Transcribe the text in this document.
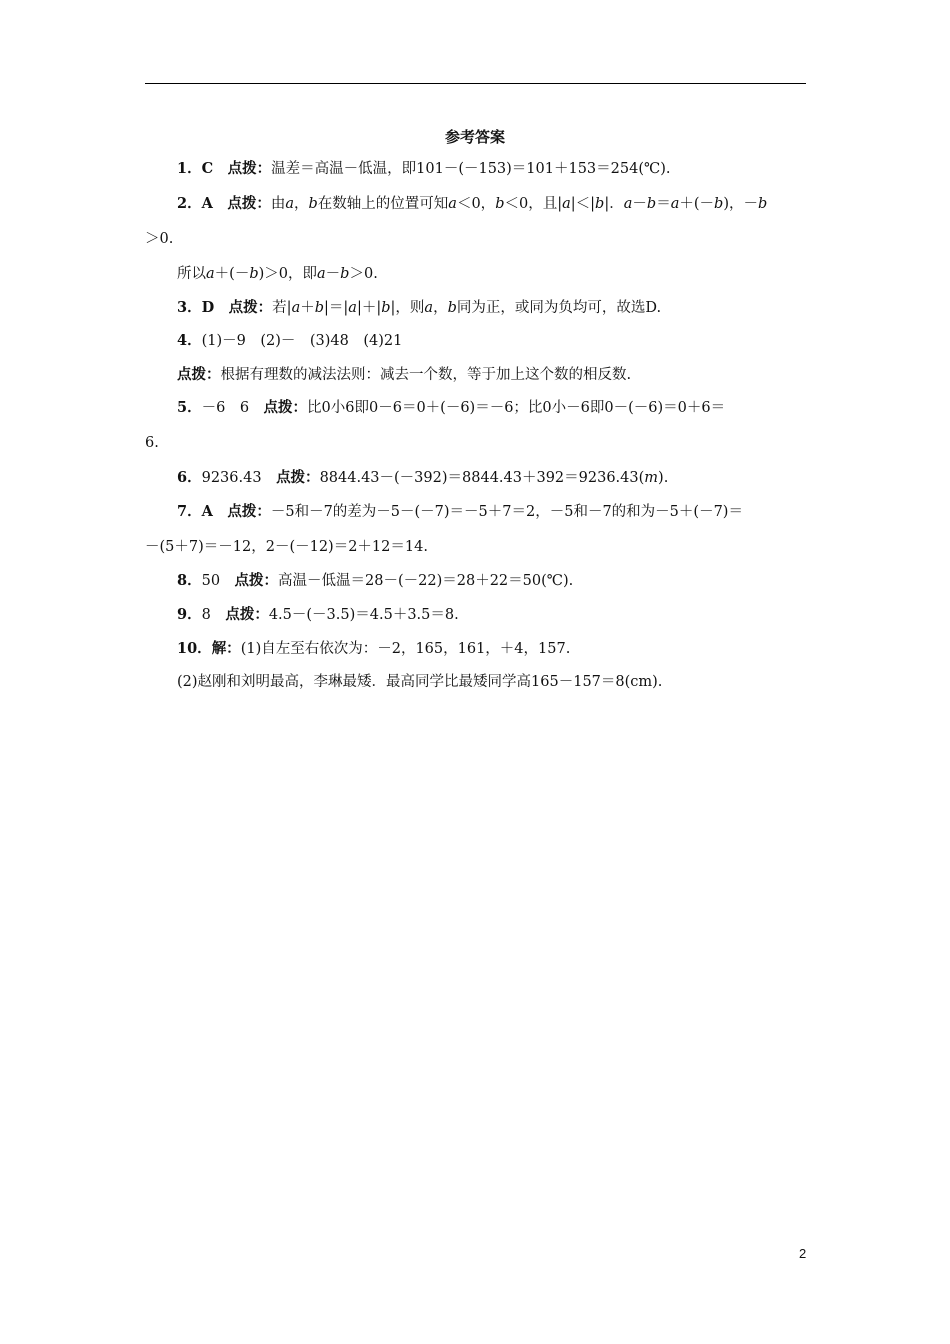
参考答案
1．C　 点拨：温差＝高温－低温，即101－(－153)＝101＋153＝254(℃).
2．A　 点拨：由a，b在数轴上的位置可知a＜0，b＜0，且|a|＜|b|．a－b＝a＋(－b)，－b
＞0.
所以a＋(－b)＞0，即a－b＞0.
3．D　 点拨：若|a＋b|＝|a|＋|b|，则a，b同为正，或同为负均可，故选D.
4．(1)－9　(2)－　(3)48　(4)21
点拨：根据有理数的减法法则：减去一个数，等于加上这个数的相反数.
5．－6　6　 点拨：比0小6即0－6＝0＋(－6)＝－6；比0小－6即0－(－6)＝0＋6＝
6.
6．9236.43　 点拨：8844.43－(－392)＝8844.43＋392＝9236.43(m).
7．A　 点拨：－5和－7的差为－5－(－7)＝－5＋7＝2，－5和－7的和为－5＋(－7)＝
－(5＋7)＝－12，2－(－12)＝2＋12＝14.
8．50　 点拨：高温－低温＝28－(－22)＝28＋22＝50(℃).
9．8　 点拨：4.5－(－3.5)＝4.5＋3.5＝8.
10．解：(1)自左至右依次为：－2，165，161，＋4，157.
(2)赵刚和刘明最高，李琳最矮．最高同学比最矮同学高165－157＝8(cm).
2
